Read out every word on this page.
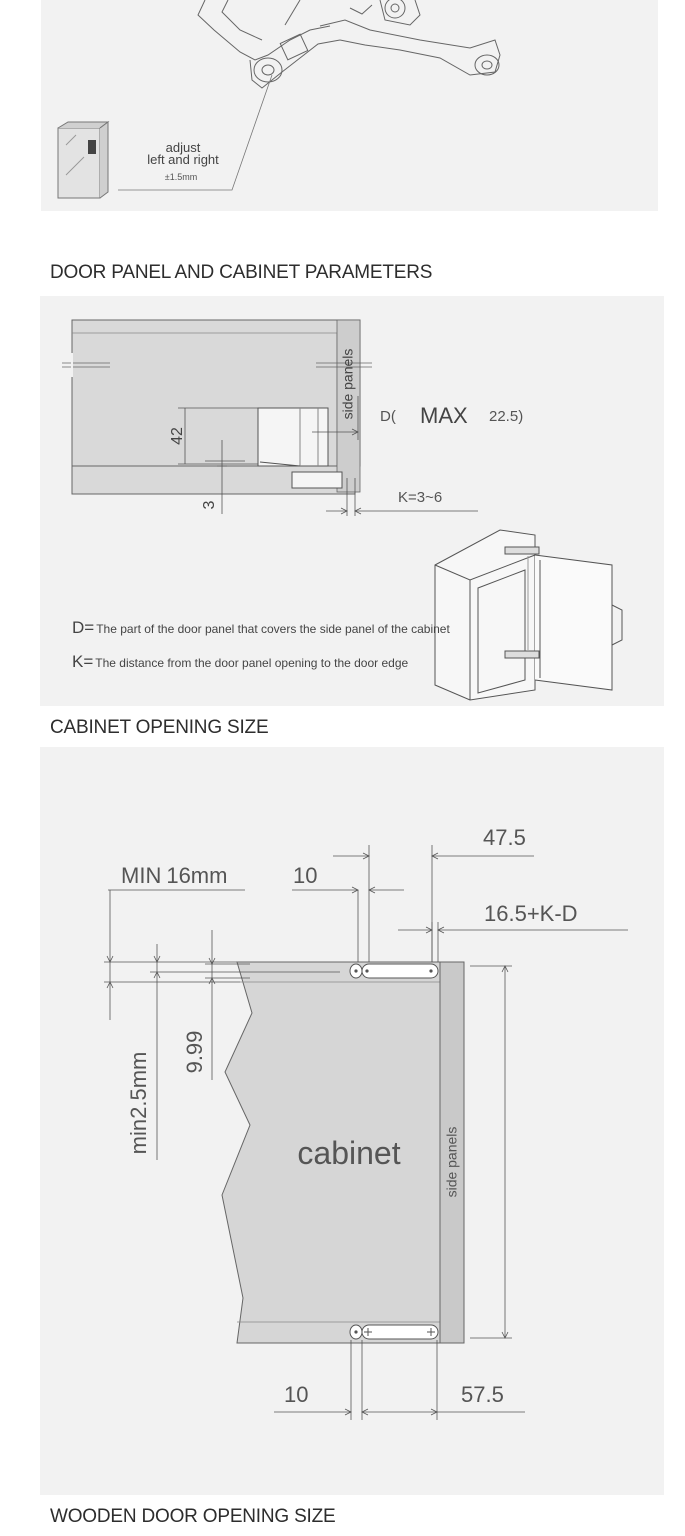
adjust
left and right
±1.5mm
DOOR PANEL AND CABINET PARAMETERS
42
3
side panels D( MAX 22.5)
K=3~6
D= The part of the door panel that covers the side panel of the cabinet
K= The distance from the door panel opening to the door edge
CABINET OPENING SIZE
side panels
cabinet
47.5
10
16.5+K-D
MIN 16mm
9.99
min2.5mm
10	57.5
WOODEN DOOR OPENING SIZE
